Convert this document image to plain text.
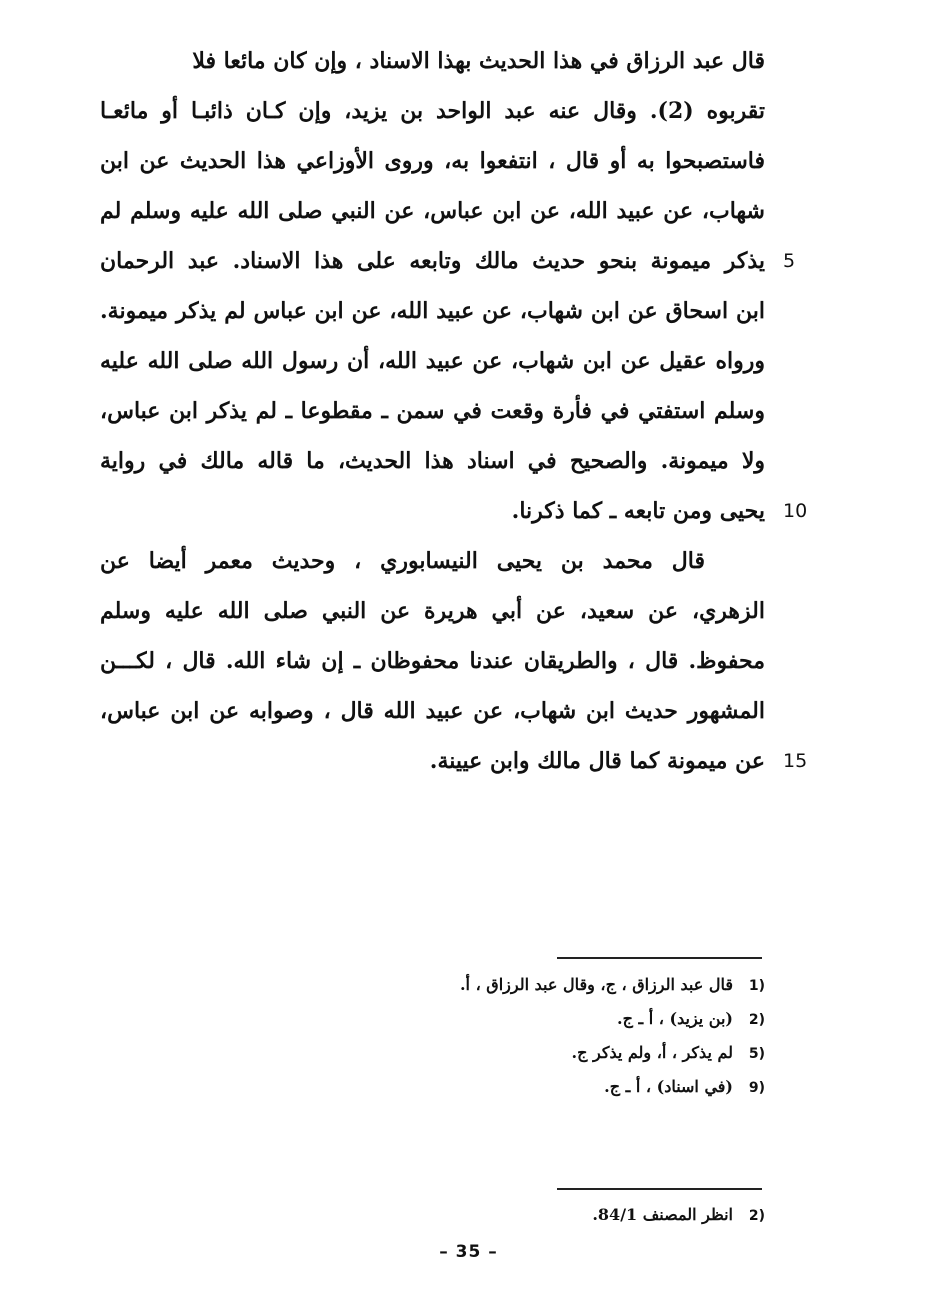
قال عبد الرزاق في هذا الحديث بهذا الاسناد ، وإن كان مائعا فلا
تقربوه (2). وقال عنه عبد الواحد بن يزيد، وإن كـان ذائبـا أو مائعـا
فاستصبحوا به أو قال ، انتفعوا به، وروى الأوزاعي هذا الحديث عن ابن
شهاب، عن عبيد الله، عن ابن عباس، عن النبي صلى الله عليه وسلم لم
يذكر ميمونة بنحو حديث مالك وتابعه على هذا الاسناد. عبد الرحمان
ابن اسحاق عن ابن شهاب، عن عبيد الله، عن ابن عباس لم يذكر ميمونة.
ورواه عقيل عن ابن شهاب، عن عبيد الله، أن رسول الله صلى الله عليه
وسلم استفتي في فأرة وقعت في سمن ـ مقطوعا ـ لم يذكر ابن عباس،
ولا ميمونة. والصحيح في اسناد هذا الحديث، ما قاله مالك في رواية
يحيى ومن تابعه ـ كما ذكرنا.
قال محمد بن يحيى النيسابوري ، وحديث معمر أيضا عن
الزهري، عن سعيد، عن أبي هريرة عن النبي صلى الله عليه وسلم
محفوظ. قال ، والطريقان عندنا محفوظان ـ إن شاء الله. قال ، لكـــن
المشهور حديث ابن شهاب، عن عبيد الله قال ، وصوابه عن ابن عباس،
عن ميمونة كما قال مالك وابن عيينة.
5
10
15
1)
قال عبد الرزاق ، ج، وقال عبد الرزاق ، أ.
2)
(بن يزيد) ، أ ـ ج.
5)
لم يذكر ، أ، ولم يذكر ج.
9)
(في اسناد) ، أ ـ ج.
2)
انظر المصنف 84/1.
– 35 –
